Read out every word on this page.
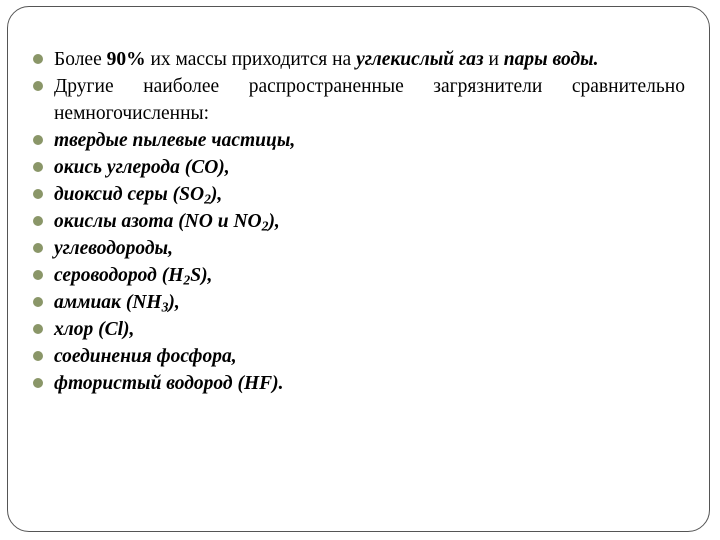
Более 90% их массы приходится на углекислый газ и пары воды.
Другие наиболее распространенные загрязнители сравнительно немногочисленны:
твердые пылевые частицы,
окись углерода (CO),
диоксид серы $(SO_2)$,
окислы азота (NO и $NO_2$),
углеводороды,
сероводород $(H_2S)$,
аммиак $(NH_3)$,
хлор (Cl),
соединения фосфора,
фтористый водород (HF).
